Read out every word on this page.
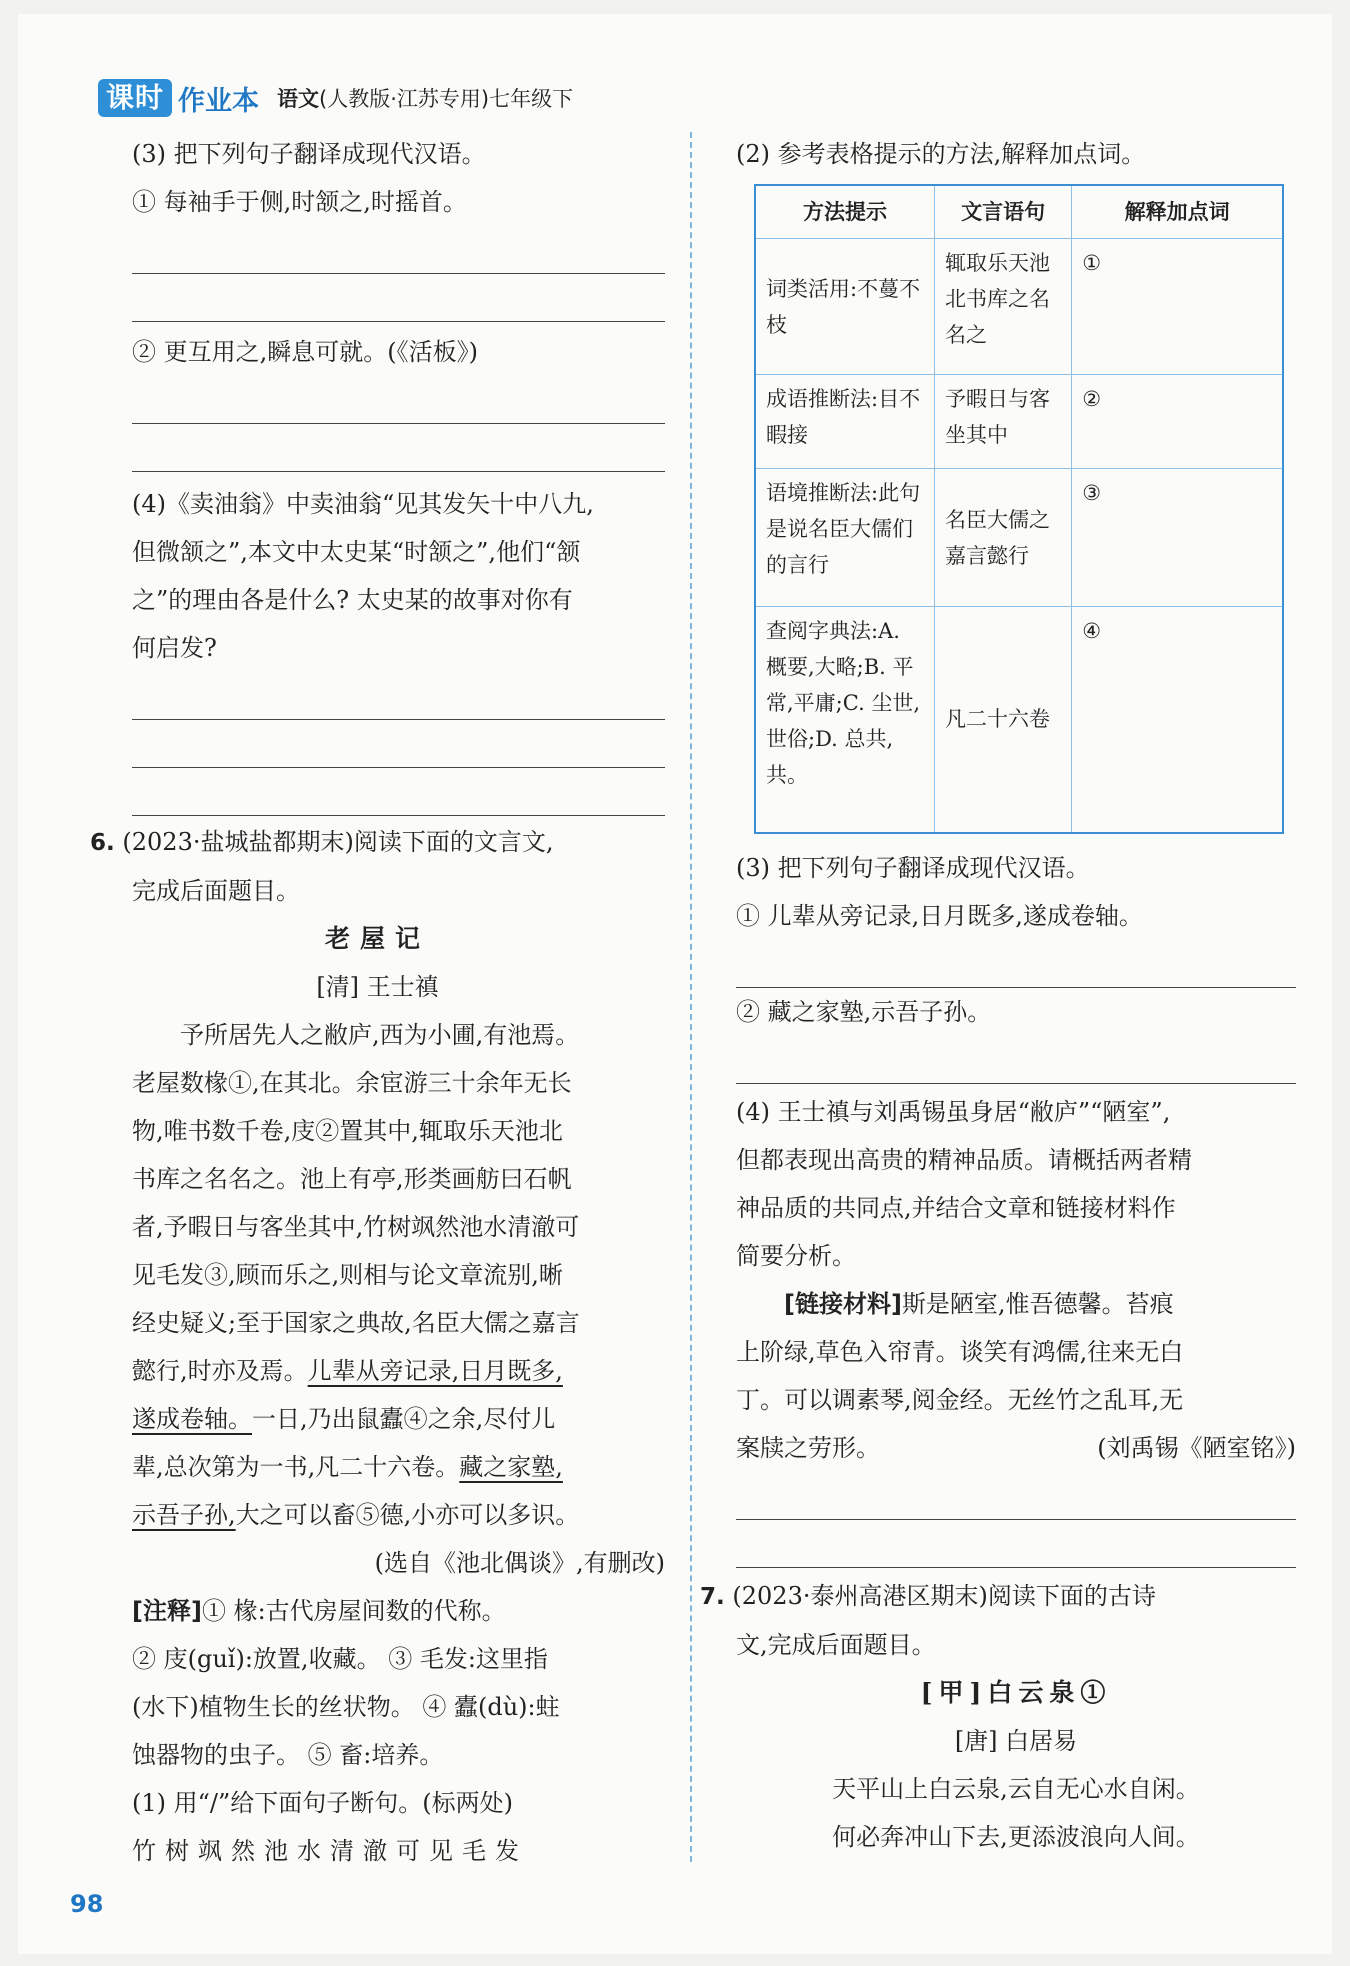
课时 作业本 语文(人教版·江苏专用)七年级下
(3) 把下列句子翻译成现代汉语。
① 每袖手于侧,时颔之,时摇首。
② 更互用之,瞬息可就。(《活板》)
(4)《卖油翁》中卖油翁“见其发矢十中八九,
但微颔之”,本文中太史某“时颔之”,他们“颔
之”的理由各是什么? 太史某的故事对你有
何启发?
6. (2023·盐城盐都期末)阅读下面的文言文,
完成后面题目。
老屋记
[清] 王士禛
予所居先人之敝庐,西为小圃,有池焉。
老屋数椽①,在其北。余宦游三十余年无长
物,唯书数千卷,庋②置其中,辄取乐天池北
书库之名名之。池上有亭,形类画舫曰石帆
者,予暇日与客坐其中,竹树飒然池水清澈可
见毛发③,顾而乐之,则相与论文章流别,晰
经史疑义;至于国家之典故,名臣大儒之嘉言
懿行,时亦及焉。儿辈从旁记录,日月既多,
遂成卷轴。一日,乃出鼠蠹④之余,尽付儿
辈,总次第为一书,凡二十六卷。藏之家塾,
示吾子孙,大之可以畜⑤德,小亦可以多识。
(选自《池北偶谈》,有删改)
[注释]① 椽:古代房屋间数的代称。
② 庋(guǐ):放置,收藏。 ③ 毛发:这里指
(水下)植物生长的丝状物。 ④ 蠹(dù):蛀
蚀器物的虫子。 ⑤ 畜:培养。
(1) 用“/”给下面句子断句。(标两处)
竹树飒然池水清澈可见毛发
(2) 参考表格提示的方法,解释加点词。
方法提示	文言语句	解释加点词
词类活用:不蔓不枝	辄取乐天池北书库之名名之	①
成语推断法:目不暇接	予暇日与客坐其中	②
语境推断法:此句是说名臣大儒们的言行	名臣大儒之嘉言懿行	③
查阅字典法:A. 概要,大略;B. 平常,平庸;C. 尘世,世俗;D. 总共,共。	凡二十六卷	④
(3) 把下列句子翻译成现代汉语。
① 儿辈从旁记录,日月既多,遂成卷轴。
② 藏之家塾,示吾子孙。
(4) 王士禛与刘禹锡虽身居“敝庐”“陋室”,
但都表现出高贵的精神品质。请概括两者精
神品质的共同点,并结合文章和链接材料作
简要分析。
[链接材料]斯是陋室,惟吾德馨。苔痕
上阶绿,草色入帘青。谈笑有鸿儒,往来无白
丁。可以调素琴,阅金经。无丝竹之乱耳,无
案牍之劳形。	(刘禹锡《陋室铭》)
7. (2023·泰州高港区期末)阅读下面的古诗
文,完成后面题目。
[甲]白云泉①
[唐] 白居易
天平山上白云泉,云自无心水自闲。
何必奔冲山下去,更添波浪向人间。
98
